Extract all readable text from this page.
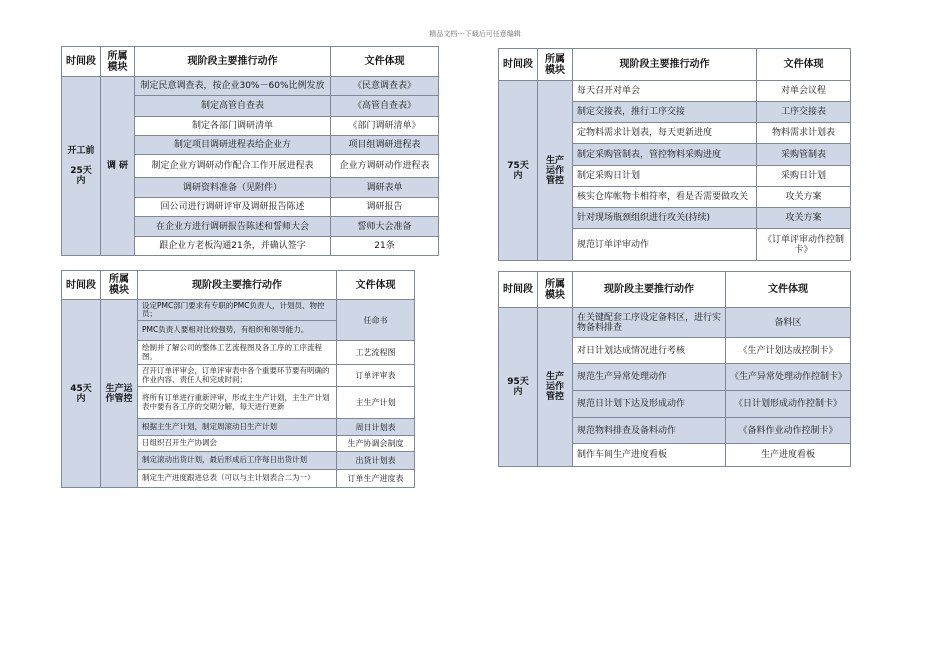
精品文档---下载后可任意编辑
时间段	所属模块	现阶段主要推行动作	文件体现
开工前

25天内	调 研	制定民意调查表，按企业30%－60%比例发放	《民意调查表》
		制定高管自查表	《高管自查表》
		制定各部门调研清单	《部门调研清单》
		制定项目调研进程表给企业方	项目组调研进程表
		制定企业方调研动作配合工作开展进程表	企业方调研动作进程表
		调研资料准备（见附件）	调研表单
		回公司进行调研评审及调研报告陈述	调研报告
		在企业方进行调研报告陈述和誓师大会	誓师大会准备
		跟企业方老板沟通21条，并确认签字	21条
时间段	所属模块	现阶段主要推行动作	文件体现
75天内	生产运作管控	每天召开对单会	对单会议程
		制定交接表，推行工序交接	工序交接表
		定物料需求计划表，每天更新进度	物料需求计划表
		制定采购管制表，管控物料采购进度	采购管制表
		制定采购日计划	采购日计划
		核实仓库帐物卡相符率，看是否需要做攻关	攻关方案
		针对现场瓶颈组织进行攻关(持续)	攻关方案
		规范订单评审动作	《订单评审动作控制卡》
时间段	所属模块	现阶段主要推行动作	文件体现
45天内	生产运作管控	设定PMC部门要求有专职的PMC负责人，计划员、物控员；	任命书
		PMC负责人要相对比较强势，有组织和领导能力。	
		绘制并了解公司的整体工艺流程图及各工序的工序流程图。	工艺流程图
		召开订单评审会，订单评审表中各个重要环节要有明确的作业内容、责任人和完成时间；	订单评审表
		将所有订单进行重新评审，形成主生产计划，主生产计划表中要有各工序的交期分解，每天进行更新	主生产计划
		根据主生产计划，制定周滚动日生产计划	周日计划表
		日组织召开生产协调会	生产协调会制度
		制定滚动出货计划，最后形成后工序每日出货计划	出货计划表
		制定生产进度跟进总表（可以与主计划表合二为一）	订单生产进度表
时间段	所属模块	现阶段主要推行动作	文件体现
95天内	生产运作管控	在关键配套工序设定备料区，进行实物备料排查	备料区
		对日计划达成情况进行考核	《生产计划达成控制卡》
		规范生产异常处理动作	《生产异常处理动作控制卡》
		规范日计划下达及形成动作	《日计划形成动作控制卡》
		规范物料排查及备料动作	《备料作业动作控制卡》
		制作车间生产进度看板	生产进度看板
